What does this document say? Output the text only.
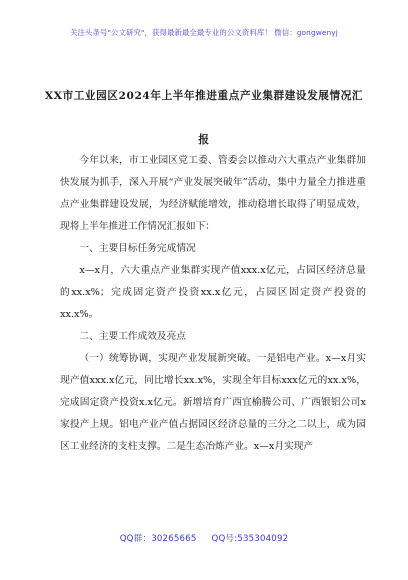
关注头条号"公文研究"，获得最新最全最专业的公文资料库！ 微信：gongwenyj
XX市工业园区2024年上半年推进重点产业集群建设发展情况汇报

今年以来，市工业园区党工委、管委会以推动六大重点产业集群加快发展为抓手，深入开展“产业发展突破年”活动，集中力量全力推进重点产业集群建设发展，为经济赋能增效，推动稳增长取得了明显成效，现将上半年推进工作情况汇报如下：

一、主要目标任务完成情况

x—x月，六大重点产业集群实现产值xxx.x亿元，占园区经济总量的xx.x%；完成固定资产投资xx.x亿元，占园区固定资产投资的xx.x%。

二、主要工作成效及亮点

（一）统筹协调，实现产业发展新突破。一是铝电产业。x—x月实现产值xxx.x亿元，同比增长xx.x%，实现全年目标xxx亿元的xx.x%，完成固定资产投资x.x亿元。新增培育广西宜榆腾公司、广西银铝公司x家投产上规。铝电产业产值占据园区经济总量的三分之二以上，成为园区工业经济的支柱支撑。二是生态冶炼产业。x—x月实现产

QQ群：30265665 QQ号:535304092
